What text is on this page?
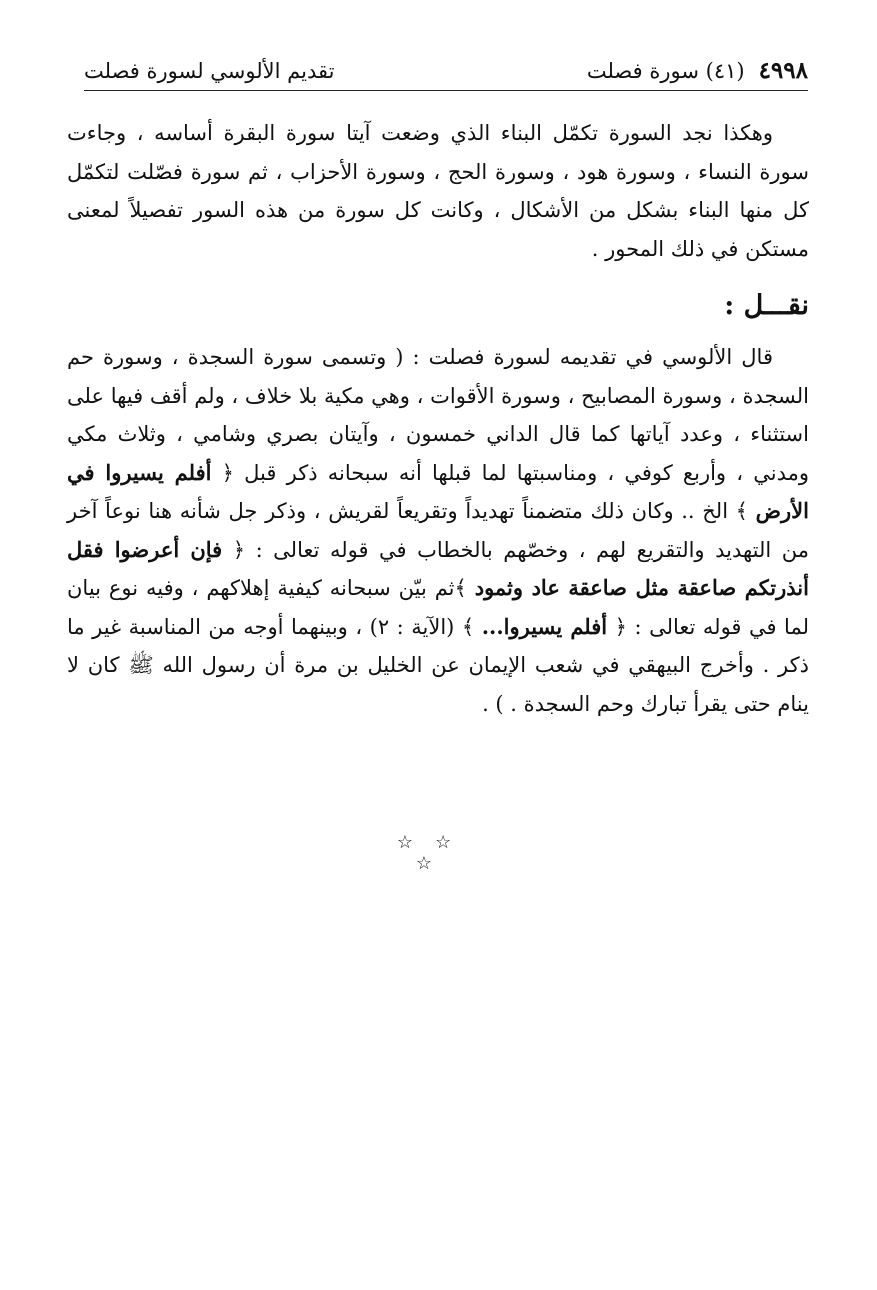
٤٩٩٨(٤١) سورة فصلت
تقديم الألوسي لسورة فصلت
وهكذا نجد السورة تكمّل البناء الذي وضعت آيتا سورة البقرة أساسه ، وجاءت سورة النساء ، وسورة هود ، وسورة الحج ، وسورة الأحزاب ، ثم سورة فصّلت لتكمّل كل منها البناء بشكل من الأشكال ، وكانت كل سورة من هذه السور تفصيلاً لمعنى مستكن في ذلك المحور .
نقـــل :
قال الألوسي في تقديمه لسورة فصلت : ( وتسمى سورة السجدة ، وسورة حم السجدة ، وسورة المصابيح ، وسورة الأقوات ، وهي مكية بلا خلاف ، ولم أقف فيها على استثناء ، وعدد آياتها كما قال الداني خمسون ، وآيتان بصري وشامي ، وثلاث مكي ومدني ، وأربع كوفي ، ومناسبتها لما قبلها أنه سبحانه ذكر قبل ﴿ أفلم يسيروا في الأرض ﴾ الخ .. وكان ذلك متضمناً تهديداً وتقريعاً لقريش ، وذكر جل شأنه هنا نوعاً آخر من التهديد والتقريع لهم ، وخصّهم بالخطاب في قوله تعالى : ﴿ فإن أعرضوا فقل أنذرتكم صاعقة مثل صاعقة عاد وثمود ﴾ثم بيّن سبحانه كيفية إهلاكهم ، وفيه نوع بيان لما في قوله تعالى : ﴿ أفلم يسيروا... ﴾ (الآية : ٢) ، وبينهما أوجه من المناسبة غير ما ذكر . وأخرج البيهقي في شعب الإيمان عن الخليل بن مرة أن رسول الله ﷺ كان لا ينام حتى يقرأ تبارك وحم السجدة . ) .
☆☆☆
